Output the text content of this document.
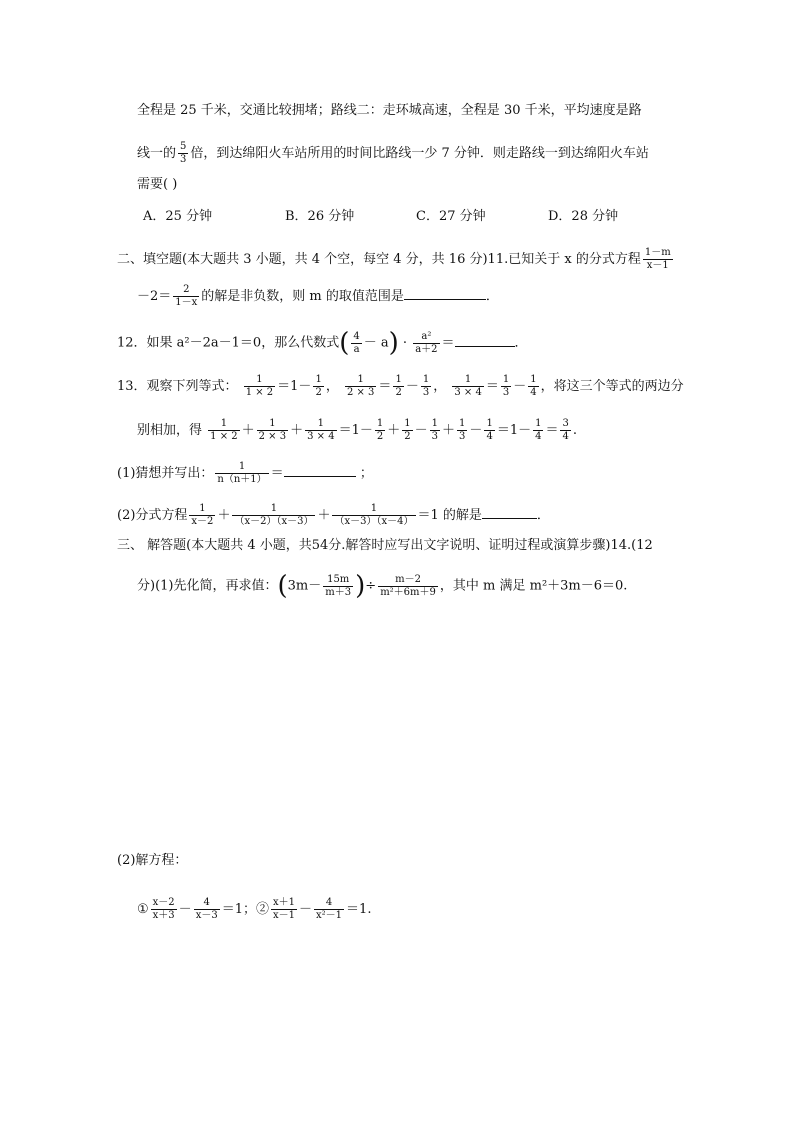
全程是 25 千米，交通比较拥堵；路线二：走环城高速，全程是 30 千米，平均速度是路
线一的 $\frac{5}{3}$ 倍，到达绵阳火车站所用的时间比路线一少 7 分钟．则走路线一到达绵阳火车站
需要( )
A．25 分钟	B．26 分钟	C．27 分钟	D．28 分钟
二、填空题(本大题共 3 小题，共 4 个空，每空 4 分，共 16 分)11.已知关于 x 的分式方程 $\frac{1-m}{x-1}$
$-2= \frac{2}{1-x}$ 的解是非负数，则 m 的取值范围是	．
12．如果 a²－2a－1＝0，那么代数式( $\frac{4}{a} - a) \cdot \frac{\text{a²}}{a+2}$ ＝	．
13．观察下列等式： $\frac{1}{1 \times 2} =1- \frac{1}{2}$ ， $\frac{1}{2 \times 3} = \frac{1}{2} - \frac{1}{3}$ ， $\frac{1}{3 \times 4} = \frac{1}{3} - \frac{1}{4}$ ，将这三个等式的两边分
别相加，得 $\frac{1}{1 \times 2} + \frac{1}{2 \times 3} + \frac{1}{3 \times 4} =1- \frac{1}{2} + \frac{1}{2} - \frac{1}{3} + \frac{1}{3} - \frac{1}{4} =1- \frac{1}{4} = \frac{3}{4}$ .
(1)猜想并写出： $\frac{1}{n(n+1)}$ ＝	；
(2)分式方程 $\frac{1}{x-2} + \frac{1}{(x-2)(x-3)} + \frac{1}{(x-3)(x-4)} =1$ 的解是	．
三、 解答题(本大题共 4 小题，共54分.解答时应写出文字说明、证明过程或演算步骤)14.(12
分)(1)先化简，再求值：($3m- \frac{15m}{m+3}$ )÷ $\frac{m-2}{\text{m²＋6m＋9}}$ ，其中 m 满足 m²＋3m－6＝0.
(2)解方程：
① $\frac{x-2}{x+3} - \frac{4}{x-3} =1$；② $\frac{x+1}{x-1} - \frac{4}{\text{x²－1}} =1$.
